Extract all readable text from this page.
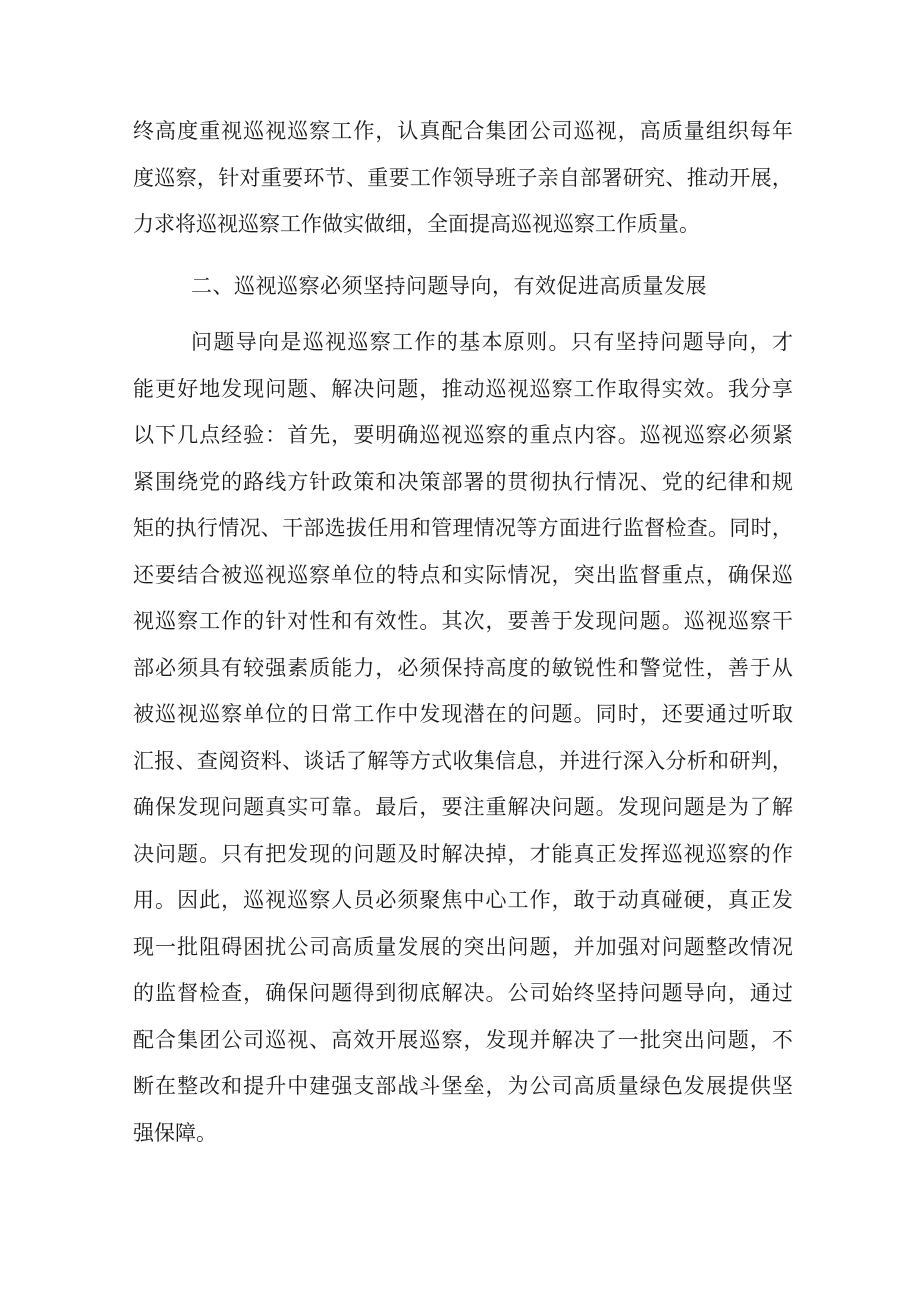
终 高 度 重 视 巡 视 巡 察 工 作 ， 认 真 配 合 集 团 公 司 巡 视 ， 高 质 量 组 织 每 年
度 巡 察 ， 针 对 重 要 环 节 、 重 要 工 作 领 导 班 子 亲 自 部 署 研 究 、 推 动 开 展 ，
力求将巡视巡察工作做实做细，全面提高巡视巡察工作质量。
二、巡视巡察必须坚持问题导向，有效促进高质量发展
问 题 导 向 是 巡 视 巡 察 工 作 的 基 本 原 则 。 只 有 坚 持 问 题 导 向 ， 才
能 更 好 地 发 现 问 题 、 解 决 问 题 ， 推 动 巡 视 巡 察 工 作 取 得 实 效 。 我 分 享
以 下 几 点 经 验 ： 首 先 ， 要 明 确 巡 视 巡 察 的 重 点 内 容 。 巡 视 巡 察 必 须 紧
紧 围 绕 党 的 路 线 方 针 政 策 和 决 策 部 署 的 贯 彻 执 行 情 况 、 党 的 纪 律 和 规
矩 的 执 行 情 况 、 干 部 选 拔 任 用 和 管 理 情 况 等 方 面 进 行 监 督 检 查 。 同 时 ，
还 要 结 合 被 巡 视 巡 察 单 位 的 特 点 和 实 际 情 况 ， 突 出 监 督 重 点 ， 确 保 巡
视 巡 察 工 作 的 针 对 性 和 有 效 性 。 其 次 ， 要 善 于 发 现 问 题 。 巡 视 巡 察 干
部 必 须 具 有 较 强 素 质 能 力 ， 必 须 保 持 高 度 的 敏 锐 性 和 警 觉 性 ， 善 于 从
被 巡 视 巡 察 单 位 的 日 常 工 作 中 发 现 潜 在 的 问 题 。 同 时 ， 还 要 通 过 听 取
汇 报 、 查 阅 资 料 、 谈 话 了 解 等 方 式 收 集 信 息 ， 并 进 行 深 入 分 析 和 研 判 ，
确 保 发 现 问 题 真 实 可 靠 。 最 后 ， 要 注 重 解 决 问 题 。 发 现 问 题 是 为 了 解
决 问 题 。 只 有 把 发 现 的 问 题 及 时 解 决 掉 ， 才 能 真 正 发 挥 巡 视 巡 察 的 作
用 。 因 此 ， 巡 视 巡 察 人 员 必 须 聚 焦 中 心 工 作 ， 敢 于 动 真 碰 硬 ， 真 正 发
现 一 批 阻 碍 困 扰 公 司 高 质 量 发 展 的 突 出 问 题 ， 并 加 强 对 问 题 整 改 情 况
的 监 督 检 查 ， 确 保 问 题 得 到 彻 底 解 决 。 公 司 始 终 坚 持 问 题 导 向 ， 通 过
配 合 集 团 公 司 巡 视 、 高 效 开 展 巡 察 ， 发 现 并 解 决 了 一 批 突 出 问 题 ， 不
断 在 整 改 和 提 升 中 建 强 支 部 战 斗 堡 垒 ， 为 公 司 高 质 量 绿 色 发 展 提 供 坚
强保障。
